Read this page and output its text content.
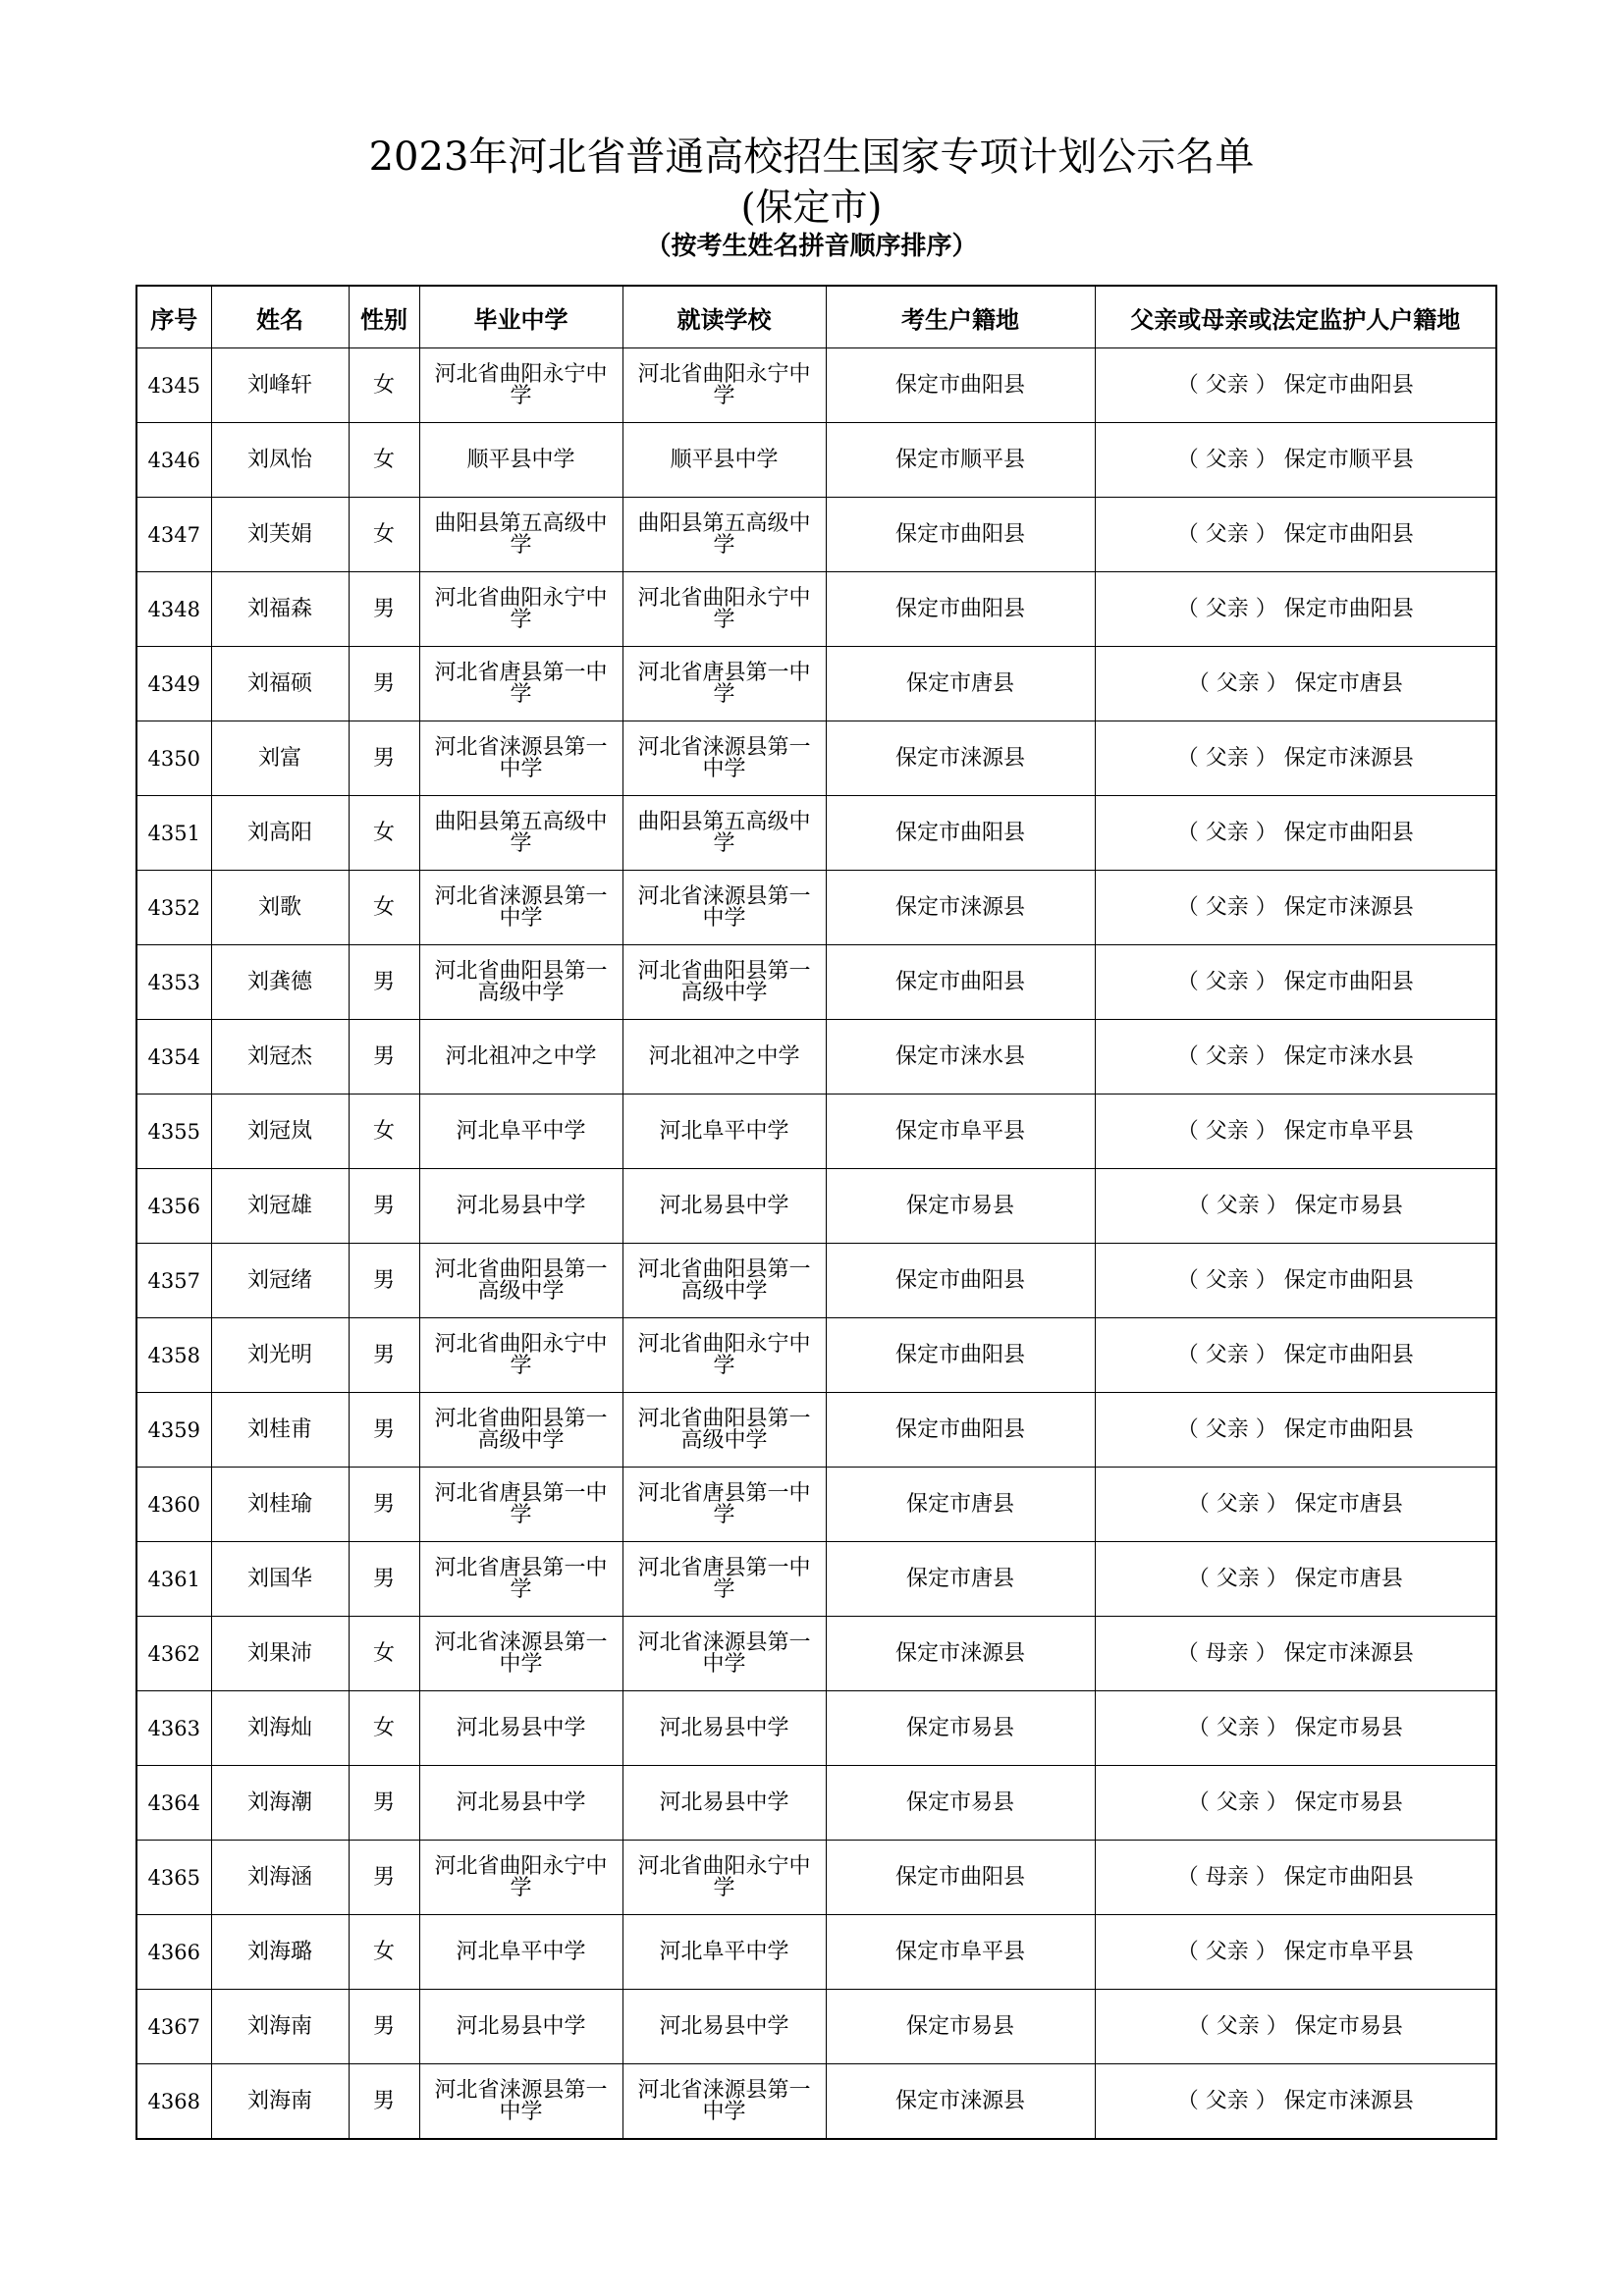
2023年河北省普通高校招生国家专项计划公示名单
(保定市)
（按考生姓名拼音顺序排序）
序号	姓名	性别	毕业中学	就读学校	考生户籍地	父亲或母亲或法定监护人户籍地
4345	刘峰轩	女	河北省曲阳永宁中学	河北省曲阳永宁中学	保定市曲阳县	（ 父亲 ） 保定市曲阳县
4346	刘凤怡	女	顺平县中学	顺平县中学	保定市顺平县	（ 父亲 ） 保定市顺平县
4347	刘芙娟	女	曲阳县第五高级中学	曲阳县第五高级中学	保定市曲阳县	（ 父亲 ） 保定市曲阳县
4348	刘福森	男	河北省曲阳永宁中学	河北省曲阳永宁中学	保定市曲阳县	（ 父亲 ） 保定市曲阳县
4349	刘福硕	男	河北省唐县第一中学	河北省唐县第一中学	保定市唐县	（ 父亲 ） 保定市唐县
4350	刘富	男	河北省涞源县第一中学	河北省涞源县第一中学	保定市涞源县	（ 父亲 ） 保定市涞源县
4351	刘高阳	女	曲阳县第五高级中学	曲阳县第五高级中学	保定市曲阳县	（ 父亲 ） 保定市曲阳县
4352	刘歌	女	河北省涞源县第一中学	河北省涞源县第一中学	保定市涞源县	（ 父亲 ） 保定市涞源县
4353	刘龚德	男	河北省曲阳县第一高级中学	河北省曲阳县第一高级中学	保定市曲阳县	（ 父亲 ） 保定市曲阳县
4354	刘冠杰	男	河北祖冲之中学	河北祖冲之中学	保定市涞水县	（ 父亲 ） 保定市涞水县
4355	刘冠岚	女	河北阜平中学	河北阜平中学	保定市阜平县	（ 父亲 ） 保定市阜平县
4356	刘冠雄	男	河北易县中学	河北易县中学	保定市易县	（ 父亲 ） 保定市易县
4357	刘冠绪	男	河北省曲阳县第一高级中学	河北省曲阳县第一高级中学	保定市曲阳县	（ 父亲 ） 保定市曲阳县
4358	刘光明	男	河北省曲阳永宁中学	河北省曲阳永宁中学	保定市曲阳县	（ 父亲 ） 保定市曲阳县
4359	刘桂甫	男	河北省曲阳县第一高级中学	河北省曲阳县第一高级中学	保定市曲阳县	（ 父亲 ） 保定市曲阳县
4360	刘桂瑜	男	河北省唐县第一中学	河北省唐县第一中学	保定市唐县	（ 父亲 ） 保定市唐县
4361	刘国华	男	河北省唐县第一中学	河北省唐县第一中学	保定市唐县	（ 父亲 ） 保定市唐县
4362	刘果沛	女	河北省涞源县第一中学	河北省涞源县第一中学	保定市涞源县	（ 母亲 ） 保定市涞源县
4363	刘海灿	女	河北易县中学	河北易县中学	保定市易县	（ 父亲 ） 保定市易县
4364	刘海潮	男	河北易县中学	河北易县中学	保定市易县	（ 父亲 ） 保定市易县
4365	刘海涵	男	河北省曲阳永宁中学	河北省曲阳永宁中学	保定市曲阳县	（ 母亲 ） 保定市曲阳县
4366	刘海璐	女	河北阜平中学	河北阜平中学	保定市阜平县	（ 父亲 ） 保定市阜平县
4367	刘海南	男	河北易县中学	河北易县中学	保定市易县	（ 父亲 ） 保定市易县
4368	刘海南	男	河北省涞源县第一中学	河北省涞源县第一中学	保定市涞源县	（ 父亲 ） 保定市涞源县
